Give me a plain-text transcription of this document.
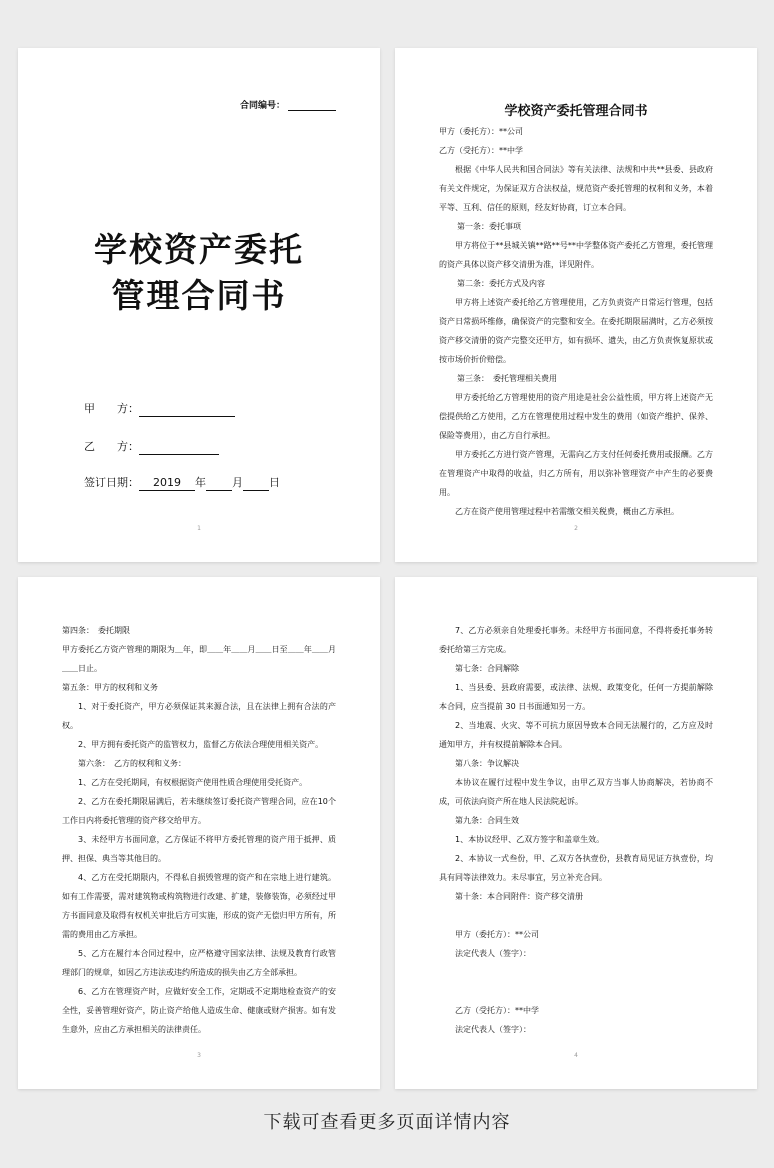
合同编号：
学校资产委托
管理合同书
甲　　方：
乙　　方：
签订日期： 2019 年 月 日
1
学校资产委托管理合同书

甲方（委托方）：**公司

乙方（受托方）：**中学

根据《中华人民共和国合同法》等有关法律、法规和中共**县委、县政府有关文件规定，为保证双方合法权益，规范资产委托管理的权利和义务，本着平等、互利、信任的原则，经友好协商，订立本合同。

第一条：委托事项

甲方将位于**县城关镇**路**号**中学整体资产委托乙方管理，委托管理的资产具体以资产移交清册为准，详见附件。

第二条：委托方式及内容

甲方将上述资产委托给乙方管理使用，乙方负责资产日常运行管理，包括资产日常损坏维修，确保资产的完整和安全。在委托期限届满时，乙方必须按资产移交清册的资产完整交还甲方，如有损坏、遗失，由乙方负责恢复原状或按市场价折价赔偿。

第三条：　委托管理相关费用

甲方委托给乙方管理使用的资产用途是社会公益性质，甲方将上述资产无偿提供给乙方使用，乙方在管理使用过程中发生的费用（如资产维护、保养、保险等费用），由乙方自行承担。

甲方委托乙方进行资产管理，无需向乙方支付任何委托费用或报酬。乙方在管理资产中取得的收益，归乙方所有，用以弥补管理资产中产生的必要费用。

乙方在资产使用管理过程中若需缴交相关税费，概由乙方承担。

2

第四条：　委托期限

甲方委托乙方资产管理的期限为＿年，即＿＿年＿＿月＿＿日至＿＿年＿＿月＿＿日止。

第五条：甲方的权利和义务

1、对于委托资产，甲方必须保证其来源合法，且在法律上拥有合法的产权。

2、甲方拥有委托资产的监管权力，监督乙方依法合理使用相关资产。

第六条：　乙方的权利和义务：

1、乙方在受托期间，有权根据资产使用性质合理使用受托资产。

2、乙方在委托期限届满后，若未继续签订委托资产管理合同，应在10个工作日内将委托管理的资产移交给甲方。

3、未经甲方书面同意，乙方保证不将甲方委托管理的资产用于抵押、质押、担保、典当等其他目的。

4、乙方在受托期限内，不得私自损毁管理的资产和在宗地上进行建筑。如有工作需要，需对建筑物或构筑物进行改建、扩建，装修装饰，必须经过甲方书面同意及取得有权机关审批后方可实施，形成的资产无偿归甲方所有，所需的费用由乙方承担。

5、乙方在履行本合同过程中，应严格遵守国家法律、法规及教育行政管理部门的规章，如因乙方违法或违约所造成的损失由乙方全部承担。

6、乙方在管理资产时，应做好安全工作，定期或不定期地检查资产的安全性，妥善管理好资产，防止资产给他人造成生命、健康或财产损害。如有发生意外，应由乙方承担相关的法律责任。

3

7、乙方必须亲自处理委托事务。未经甲方书面同意，不得将委托事务转委托给第三方完成。

第七条：合同解除

1、当县委、县政府需要，或法律、法规、政策变化，任何一方提前解除本合同，应当提前 30 日书面通知另一方。

2、当地震、火灾、等不可抗力原因导致本合同无法履行的，乙方应及时通知甲方，并有权提前解除本合同。

第八条：争议解决

本协议在履行过程中发生争议，由甲乙双方当事人协商解决，若协商不成，可依法向资产所在地人民法院起诉。

第九条：合同生效

1、本协议经甲、乙双方签字和盖章生效。

2、本协议一式叁份，甲、乙双方各执壹份，县教育局见证方执壹份，均具有同等法律效力。未尽事宜，另立补充合同。

第十条：本合同附件：资产移交清册

甲方（委托方）：**公司

法定代表人（签字）：

乙方（受托方）：**中学

法定代表人（签字）：

4
下载可查看更多页面详情内容
